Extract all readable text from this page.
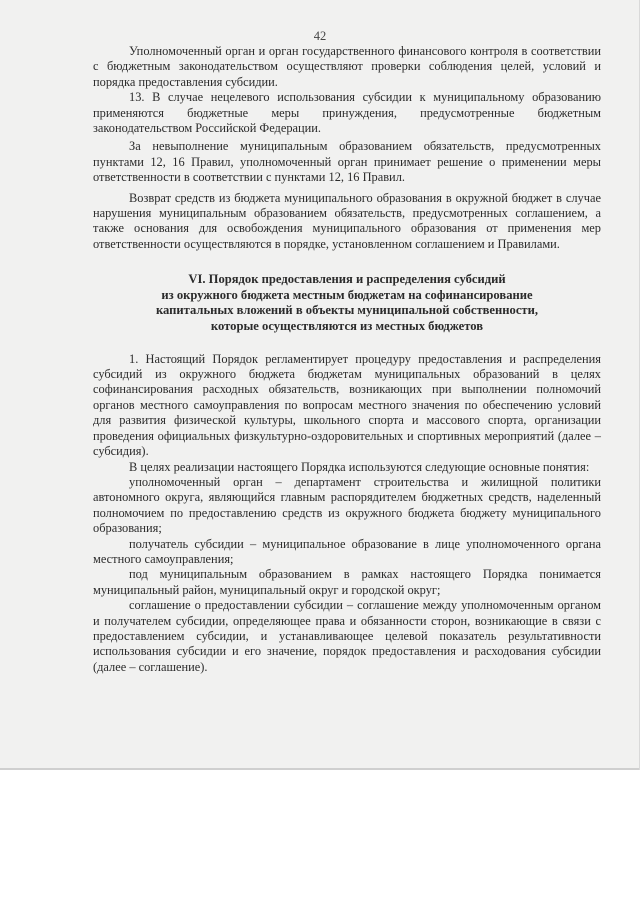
42

Уполномоченный орган и орган государственного финансового контроля в соответствии с бюджетным законодательством осуществляют проверки соблюдения целей, условий и порядка предоставления субсидии.

13. В случае нецелевого использования субсидии к муниципальному образованию применяются бюджетные меры принуждения, предусмотренные бюджетным законодательством Российской Федерации.

За невыполнение муниципальным образованием обязательств, предусмотренных пунктами 12, 16 Правил, уполномоченный орган принимает решение о применении меры ответственности в соответствии с пунктами 12, 16 Правил.

Возврат средств из бюджета муниципального образования в окружной бюджет в случае нарушения муниципальным образованием обязательств, предусмотренных соглашением, а также основания для освобождения муниципального образования от применения мер ответственности осуществляются в порядке, установленном соглашением и Правилами.

VI. Порядок предоставления и распределения субсидий
из окружного бюджета местным бюджетам на софинансирование
капитальных вложений в объекты муниципальной собственности,
которые осуществляются из местных бюджетов

1. Настоящий Порядок регламентирует процедуру предоставления и распределения субсидий из окружного бюджета бюджетам муниципальных образований в целях софинансирования расходных обязательств, возникающих при выполнении полномочий органов местного самоуправления по вопросам местного значения по обеспечению условий для развития физической культуры, школьного спорта и массового спорта, организации проведения официальных физкультурно-оздоровительных и спортивных мероприятий (далее – субсидия).

В целях реализации настоящего Порядка используются следующие основные понятия:

уполномоченный орган – департамент строительства и жилищной политики автономного округа, являющийся главным распорядителем бюджетных средств, наделенный полномочием по предоставлению средств из окружного бюджета бюджету муниципального образования;

получатель субсидии – муниципальное образование в лице уполномоченного органа местного самоуправления;

под муниципальным образованием в рамках настоящего Порядка понимается муниципальный район, муниципальный округ и городской округ;

соглашение о предоставлении субсидии – соглашение между уполномоченным органом и получателем субсидии, определяющее права и обязанности сторон, возникающие в связи с предоставлением субсидии, и устанавливающее целевой показатель результативности использования субсидии и его значение, порядок предоставления и расходования субсидии (далее – соглашение).
